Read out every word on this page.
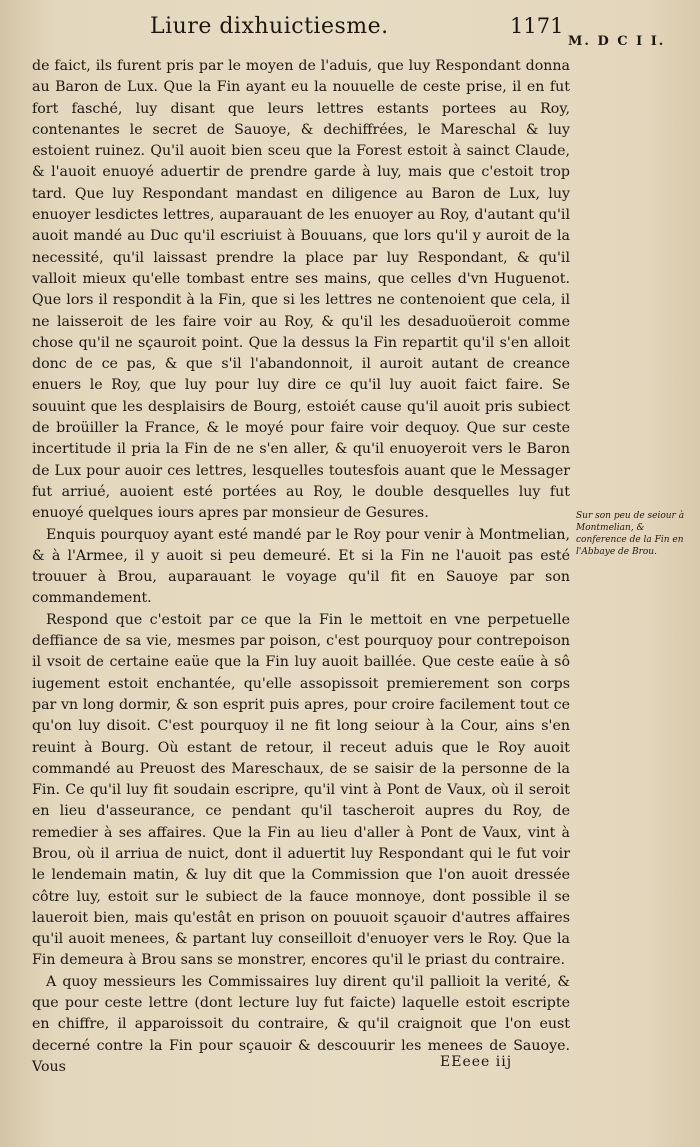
Liure dixhuictiesme.	1171
M. D C I I.

de faict, ils furent pris par le moyen de l'aduis, que luy Respondant donna au Baron de Lux. Que la Fin ayant eu la nouuelle de ceste prise, il en fut fort fasché, luy disant que leurs lettres estants portees au Roy, contenantes le secret de Sauoye, & dechiffrées, le Mareschal & luy estoient ruinez. Qu'il auoit bien sceu que la Forest estoit à sainct Claude, & l'auoit enuoyé aduertir de prendre garde à luy, mais que c'estoit trop tard. Que luy Respondant mandast en diligence au Baron de Lux, luy enuoyer lesdictes lettres, auparauant de les enuoyer au Roy, d'autant qu'il auoit mandé au Duc qu'il escriuist à Bouuans, que lors qu'il y auroit de la necessité, qu'il laissast prendre la place par luy Respondant, & qu'il valloit mieux qu'elle tombast entre ses mains, que celles d'vn Huguenot. Que lors il respondit à la Fin, que si les lettres ne contenoient que cela, il ne laisseroit de les faire voir au Roy, & qu'il les desaduoüeroit comme chose qu'il ne sçauroit point. Que la dessus la Fin repartit qu'il s'en alloit donc de ce pas, & que s'il l'abandonnoit, il auroit autant de creance enuers le Roy, que luy pour luy dire ce qu'il luy auoit faict faire. Se souuint que les desplaisirs de Bourg, estoiét cause qu'il auoit pris subiect de broüiller la France, & le moyé pour faire voir dequoy. Que sur ceste incertitude il pria la Fin de ne s'en aller, & qu'il enuoyeroit vers le Baron de Lux pour auoir ces lettres, lesquelles toutesfois auant que le Messager fut arriué, auoient esté portées au Roy, le double desquelles luy fut enuoyé quelques iours apres par monsieur de Gesures.

Enquis pourquoy ayant esté mandé par le Roy pour venir à Montmelian, & à l'Armee, il y auoit si peu demeuré. Et si la Fin ne l'auoit pas esté trouuer à Brou, auparauant le voyage qu'il fit en Sauoye par son commandement.

Respond que c'estoit par ce que la Fin le mettoit en vne perpetuelle deffiance de sa vie, mesmes par poison, c'est pourquoy pour contrepoison il vsoit de certaine eaüe que la Fin luy auoit baillée. Que ceste eaüe à sô iugement estoit enchantée, qu'elle assopissoit premierement son corps par vn long dormir, & son esprit puis apres, pour croire facilement tout ce qu'on luy disoit. C'est pourquoy il ne fit long seiour à la Cour, ains s'en reuint à Bourg. Où estant de retour, il receut aduis que le Roy auoit commandé au Preuost des Mareschaux, de se saisir de la personne de la Fin. Ce qu'il luy fit soudain escripre, qu'il vint à Pont de Vaux, où il seroit en lieu d'asseurance, ce pendant qu'il tascheroit aupres du Roy, de remedier à ses affaires. Que la Fin au lieu d'aller à Pont de Vaux, vint à Brou, où il arriua de nuict, dont il aduertit luy Respondant qui le fut voir le lendemain matin, & luy dit que la Commission que l'on auoit dressée côtre luy, estoit sur le subiect de la fauce monnoye, dont possible il se laueroit bien, mais qu'estât en prison on pouuoit sçauoir d'autres affaires qu'il auoit menees, & partant luy conseilloit d'enuoyer vers le Roy. Que la Fin demeura à Brou sans se monstrer, encores qu'il le priast du contraire.

A quoy messieurs les Commissaires luy dirent qu'il pallioit la verité, & que pour ceste lettre (dont lecture luy fut faicte) laquelle estoit escripte en chiffre, il apparoissoit du contraire, & qu'il craignoit que l'on eust decerné contre la Fin pour sçauoir & descouurir les menees de Sauoye. Vous

Sur son peu de seiour à Montmelian, & conference de la Fin en l'Abbaye de Brou.
EEeee iij
